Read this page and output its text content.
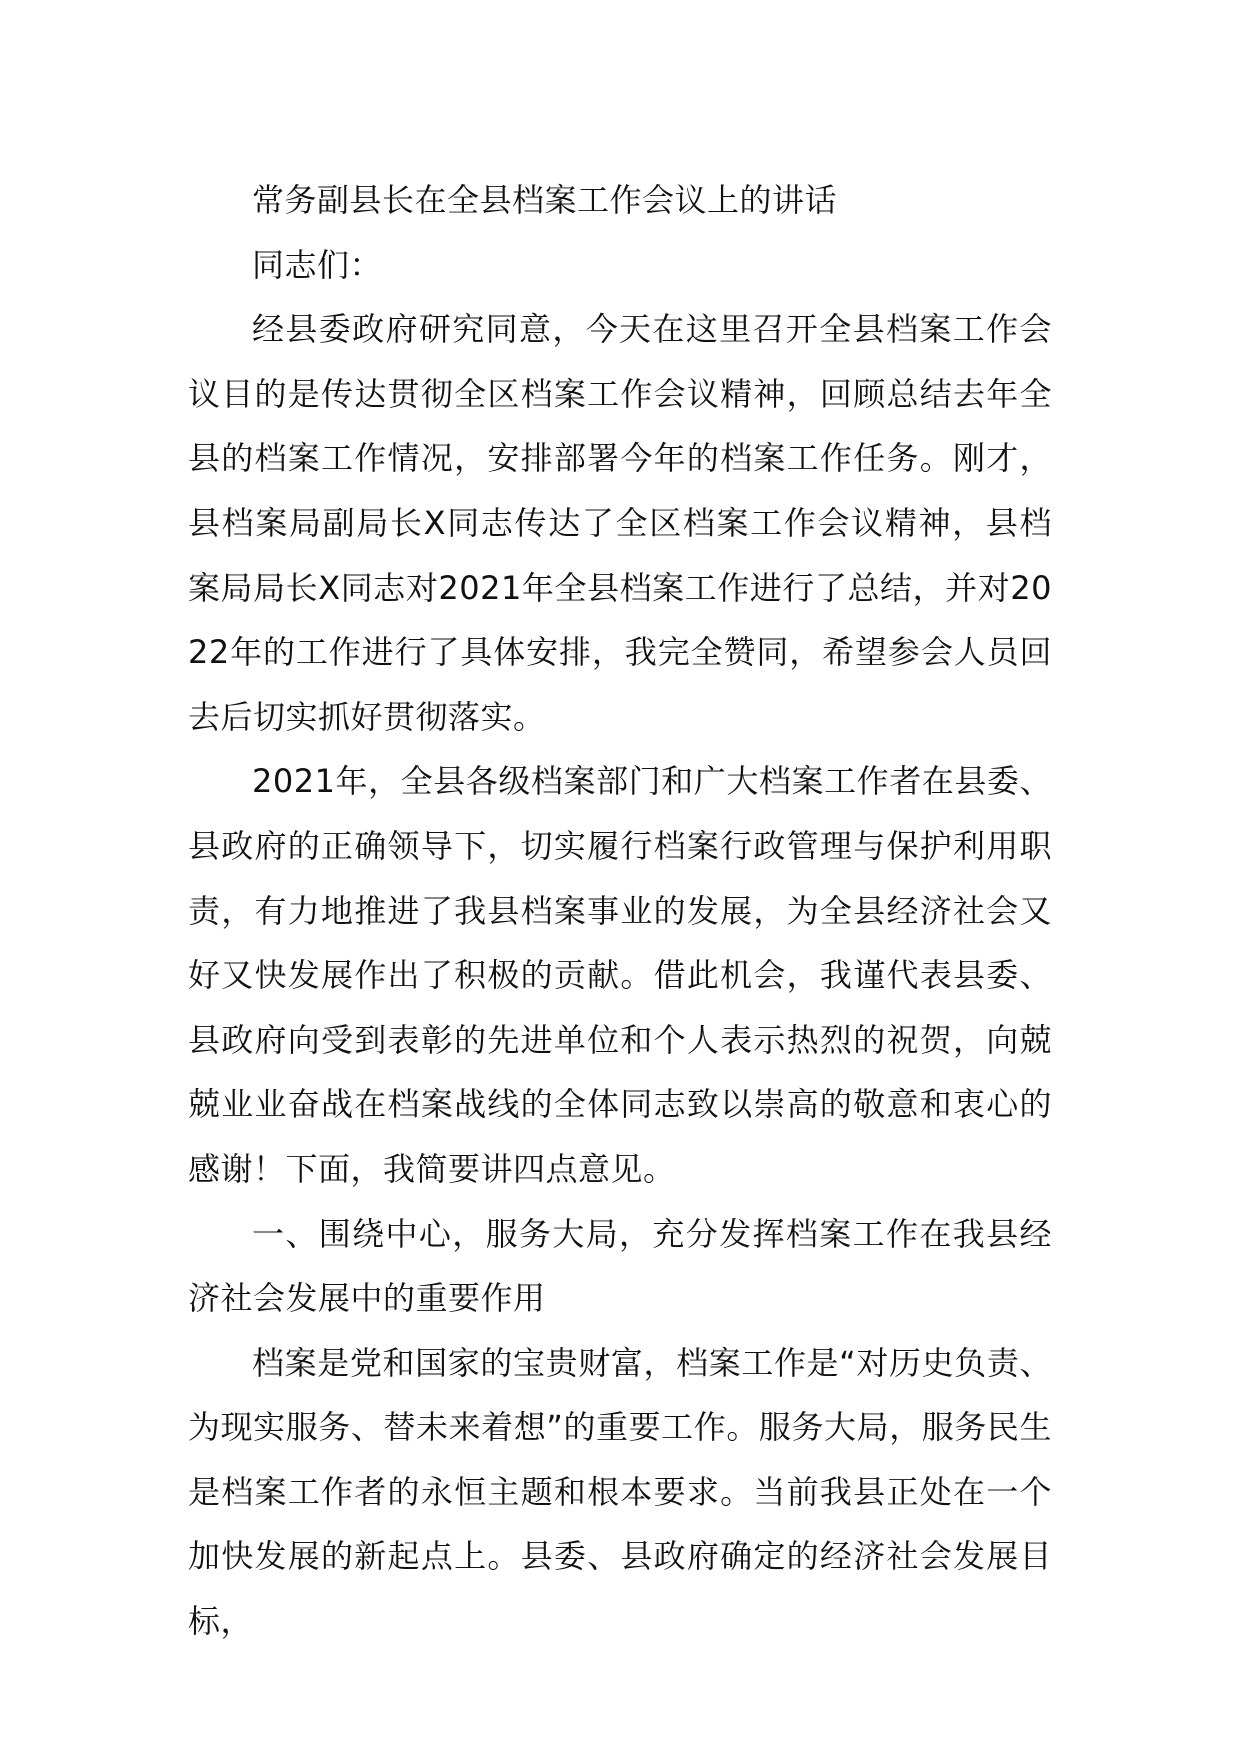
常务副县长在全县档案工作会议上的讲话

同志们：

经县委政府研究同意，今天在这里召开全县档案工作会议目的是传达贯彻全区档案工作会议精神，回顾总结去年全县的档案工作情况，安排部署今年的档案工作任务。刚才，县档案局副局长X同志传达了全区档案工作会议精神，县档案局局长X同志对2021年全县档案工作进行了总结，并对2022年的工作进行了具体安排，我完全赞同，希望参会人员回去后切实抓好贯彻落实。

2021年，全县各级档案部门和广大档案工作者在县委、县政府的正确领导下，切实履行档案行政管理与保护利用职责，有力地推进了我县档案事业的发展，为全县经济社会又好又快发展作出了积极的贡献。借此机会，我谨代表县委、县政府向受到表彰的先进单位和个人表示热烈的祝贺，向兢兢业业奋战在档案战线的全体同志致以崇高的敬意和衷心的感谢！下面，我简要讲四点意见。

一、围绕中心，服务大局，充分发挥档案工作在我县经济社会发展中的重要作用

档案是党和国家的宝贵财富，档案工作是“对历史负责、为现实服务、替未来着想”的重要工作。服务大局，服务民生是档案工作者的永恒主题和根本要求。当前我县正处在一个加快发展的新起点上。县委、县政府确定的经济社会发展目标，
